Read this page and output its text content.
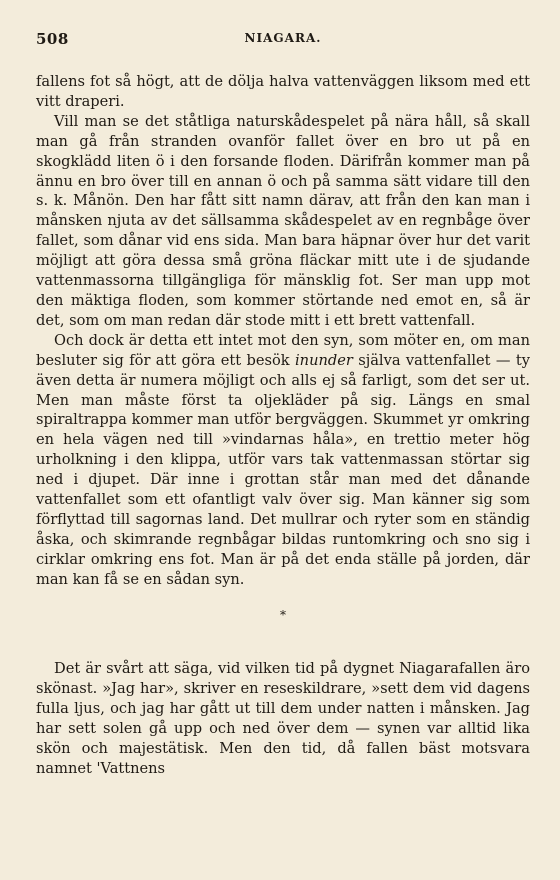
508	NIAGARA.

fallens fot så högt, att de dölja halva vattenväggen liksom med ett vitt draperi.

Vill man se det ståtliga naturskådespelet på nära håll, så skall man gå från stranden ovanför fallet över en bro ut på en skogklädd liten ö i den forsande floden. Därifrån kommer man på ännu en bro över till en annan ö och på samma sätt vidare till den s. k. Månön. Den har fått sitt namn därav, att från den kan man i månsken njuta av det sällsamma skådespelet av en regnbåge över fallet, som dånar vid ens sida. Man bara häpnar över hur det varit möjligt att göra dessa små gröna fläckar mitt ute i de sjudande vattenmassorna tillgängliga för mänsklig fot. Ser man upp mot den mäktiga floden, som kommer störtande ned emot en, så är det, som om man redan där stode mitt i ett brett vattenfall.

Och dock är detta ett intet mot den syn, som möter en, om man besluter sig för att göra ett besök inunder själva vattenfallet — ty även detta är numera möjligt och alls ej så farligt, som det ser ut. Men man måste först ta oljekläder på sig. Längs en smal spiraltrappa kommer man utför bergväggen. Skummet yr omkring en hela vägen ned till »vindarnas håla», en trettio meter hög urholkning i den klippa, utför vars tak vattenmassan störtar sig ned i djupet. Där inne i grottan står man med det dånande vattenfallet som ett ofantligt valv över sig. Man känner sig som förflyttad till sagornas land. Det mullrar och ryter som en ständig åska, och skimrande regnbågar bildas runtomkring och sno sig i cirklar omkring ens fot. Man är på det enda ställe på jorden, där man kan få se en sådan syn.

*

Det är svårt att säga, vid vilken tid på dygnet Niagarafallen äro skönast. »Jag har», skriver en reseskildrare, »sett dem vid dagens fulla ljus, och jag har gått ut till dem under natten i månsken. Jag har sett solen gå upp och ned över dem — synen var alltid lika skön och majestätisk. Men den tid, då fallen bäst motsvara namnet 'Vattnens
